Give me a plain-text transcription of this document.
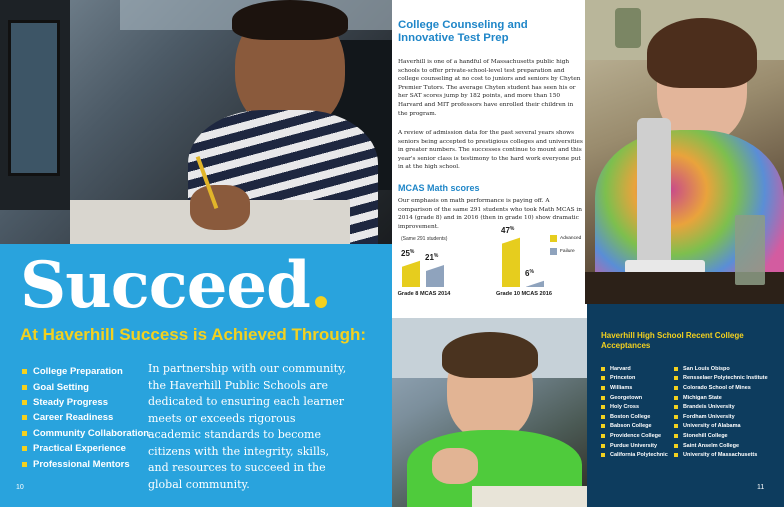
Succeed.
At Haverhill Success is Achieved Through:
College Preparation
Goal Setting
Steady Progress
Career Readiness
Community Collaboration
Practical Experience
Professional Mentors
In partnership with our community, the Haverhill Public Schools are dedicated to ensuring each learner meets or exceeds rigorous academic standards to become citizens with the integrity, skills, and resources to succeed in the global community.
10
College Counseling and Innovative Test Prep
Haverhill is one of a handful of Massachusetts public high schools to offer private-school-level test preparation and college counseling at no cost to juniors and seniors by Chyten Premier Tutors. The average Chyten student has seen his or her SAT scores jump by 182 points, and more than 150 Harvard and MIT professors have enrolled their children in the program.
A review of admission data for the past several years shows seniors being accepted to prestigious colleges and universities in greater numbers. The successes continue to mount and this year's senior class is testimony to the hard work everyone put in at the high school.
MCAS Math scores
Our emphasis on math performance is paying off. A comparison of the same 291 students who took Math MCAS in 2014 (grade 8) and in 2016 (then in grade 10) show dramatic improvement.
(Same 291 students)
25%
21%
Grade 8 MCAS 2014
47%
6%
Grade 10 MCAS 2016
Advanced
Failure
Haverhill High School Recent College Acceptances
Harvard
Princeton
Williams
Georgetown
Holy Cross
Boston College
Babson College
Providence College
Purdue University
California Polytechnic
San Louis Obispo
Rensselaer Polytechnic Institute
Colorado School of Mines
Michigan State
Brandeis University
Fordham University
University of Alabama
Stonehill College
Saint Anselm College
University of Massachusetts
11
